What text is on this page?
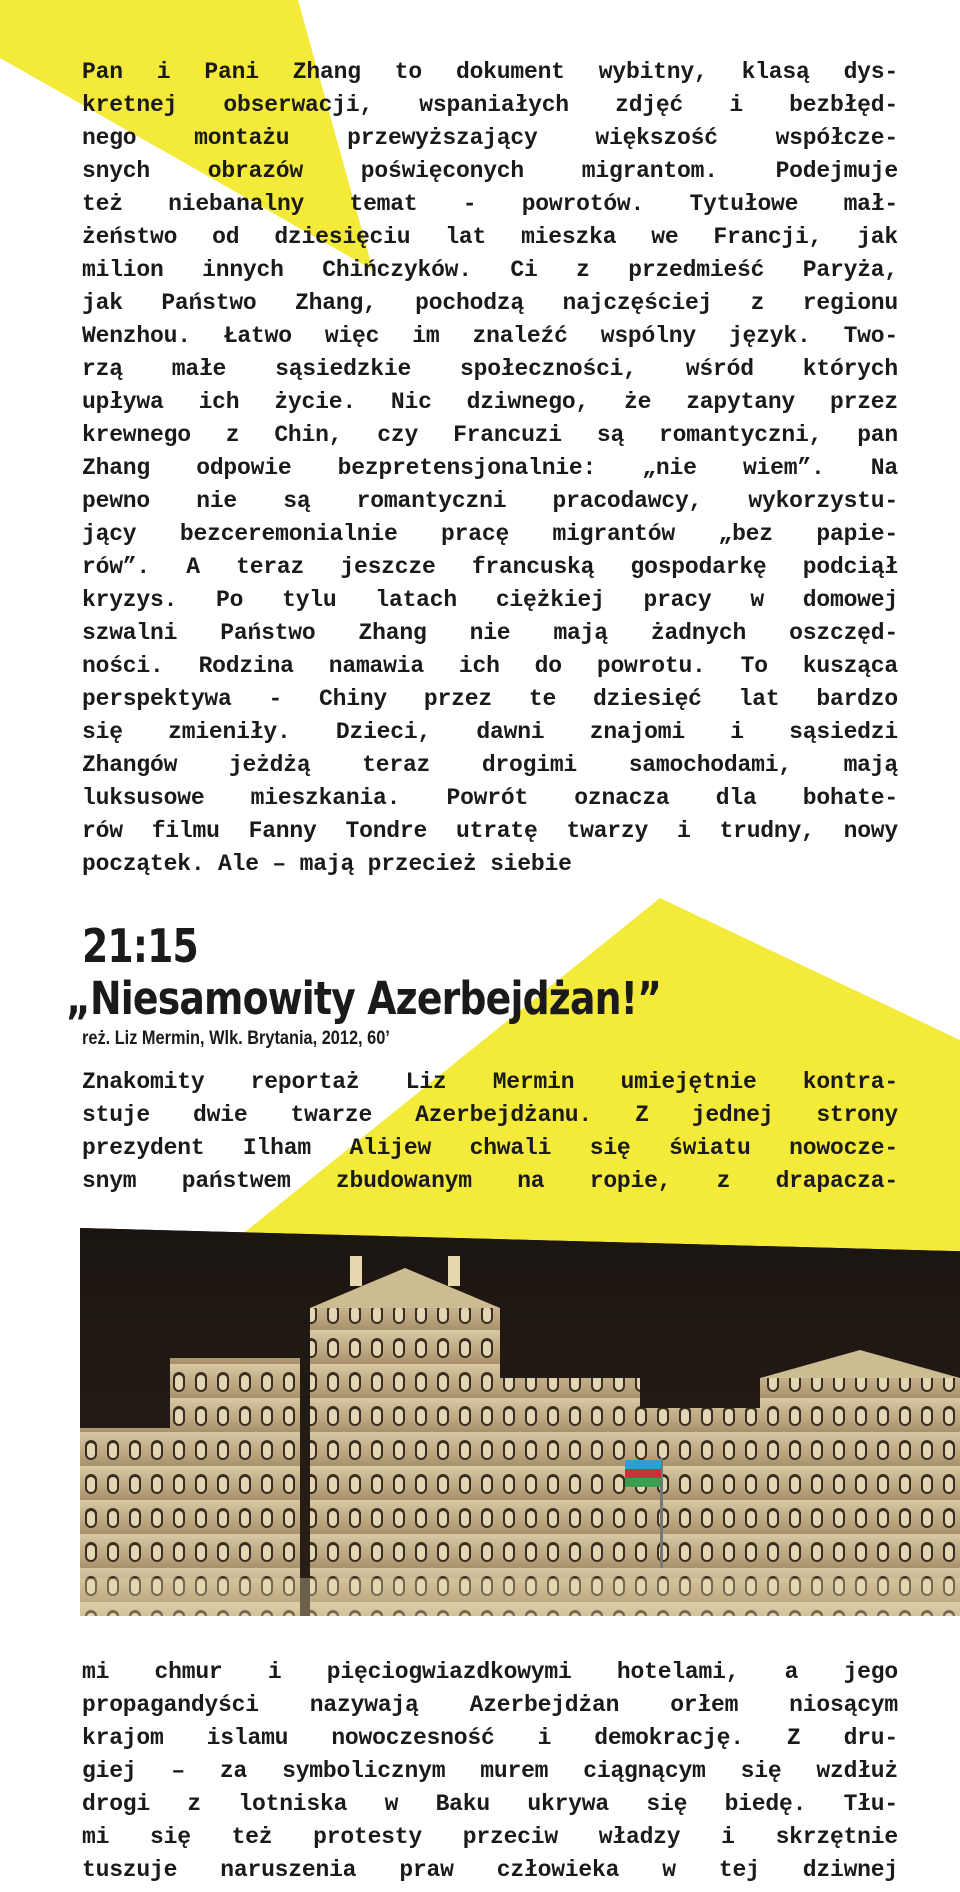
Pan i Pani Zhang to dokument wybitny, klasą dys-
kretnej obserwacji, wspaniałych zdjęć i bezbłęd-
nego montażu przewyższający większość współcze-
snych obrazów poświęconych migrantom. Podejmuje
też niebanalny temat - powrotów. Tytułowe mał-
żeństwo od dziesięciu lat mieszka we Francji, jak
milion innych Chińczyków. Ci z przedmieść Paryża,
jak Państwo Zhang, pochodzą najczęściej z regionu
Wenzhou. Łatwo więc im znaleźć wspólny język. Two-
rzą małe sąsiedzkie społeczności, wśród których
upływa ich życie. Nic dziwnego, że zapytany przez
krewnego z Chin, czy Francuzi są romantyczni, pan
Zhang odpowie bezpretensjonalnie: „nie wiem”. Na
pewno nie są romantyczni pracodawcy, wykorzystu-
jący bezceremonialnie pracę migrantów „bez papie-
rów”. A teraz jeszcze francuską gospodarkę podciął
kryzys. Po tylu latach ciężkiej pracy w domowej
szwalni Państwo Zhang nie mają żadnych oszczęd-
ności. Rodzina namawia ich do powrotu. To kusząca
perspektywa - Chiny przez te dziesięć lat bardzo
się zmieniły. Dzieci, dawni znajomi i sąsiedzi
Zhangów jeżdżą teraz drogimi samochodami, mają
luksusowe mieszkania. Powrót oznacza dla bohate-
rów filmu Fanny Tondre utratę twarzy i trudny, nowy
początek. Ale – mają przecież siebie
21:15
„Niesamowity Azerbejdżan!”
reż. Liz Mermin, Wlk. Brytania, 2012, 60’
Znakomity reportaż Liz Mermin umiejętnie kontra-
stuje dwie twarze Azerbejdżanu. Z jednej strony
prezydent Ilham Alijew chwali się światu nowocze-
snym państwem zbudowanym na ropie, z drapacza-
mi chmur i pięciogwiazdkowymi hotelami, a jego
propagandyści nazywają Azerbejdżan orłem niosącym
krajom islamu nowoczesność i demokrację. Z dru-
giej – za symbolicznym murem ciągnącym się wzdłuż
drogi z lotniska w Baku ukrywa się biedę. Tłu-
mi się też protesty przeciw władzy i skrzętnie
tuszuje naruszenia praw człowieka w tej dziwnej
